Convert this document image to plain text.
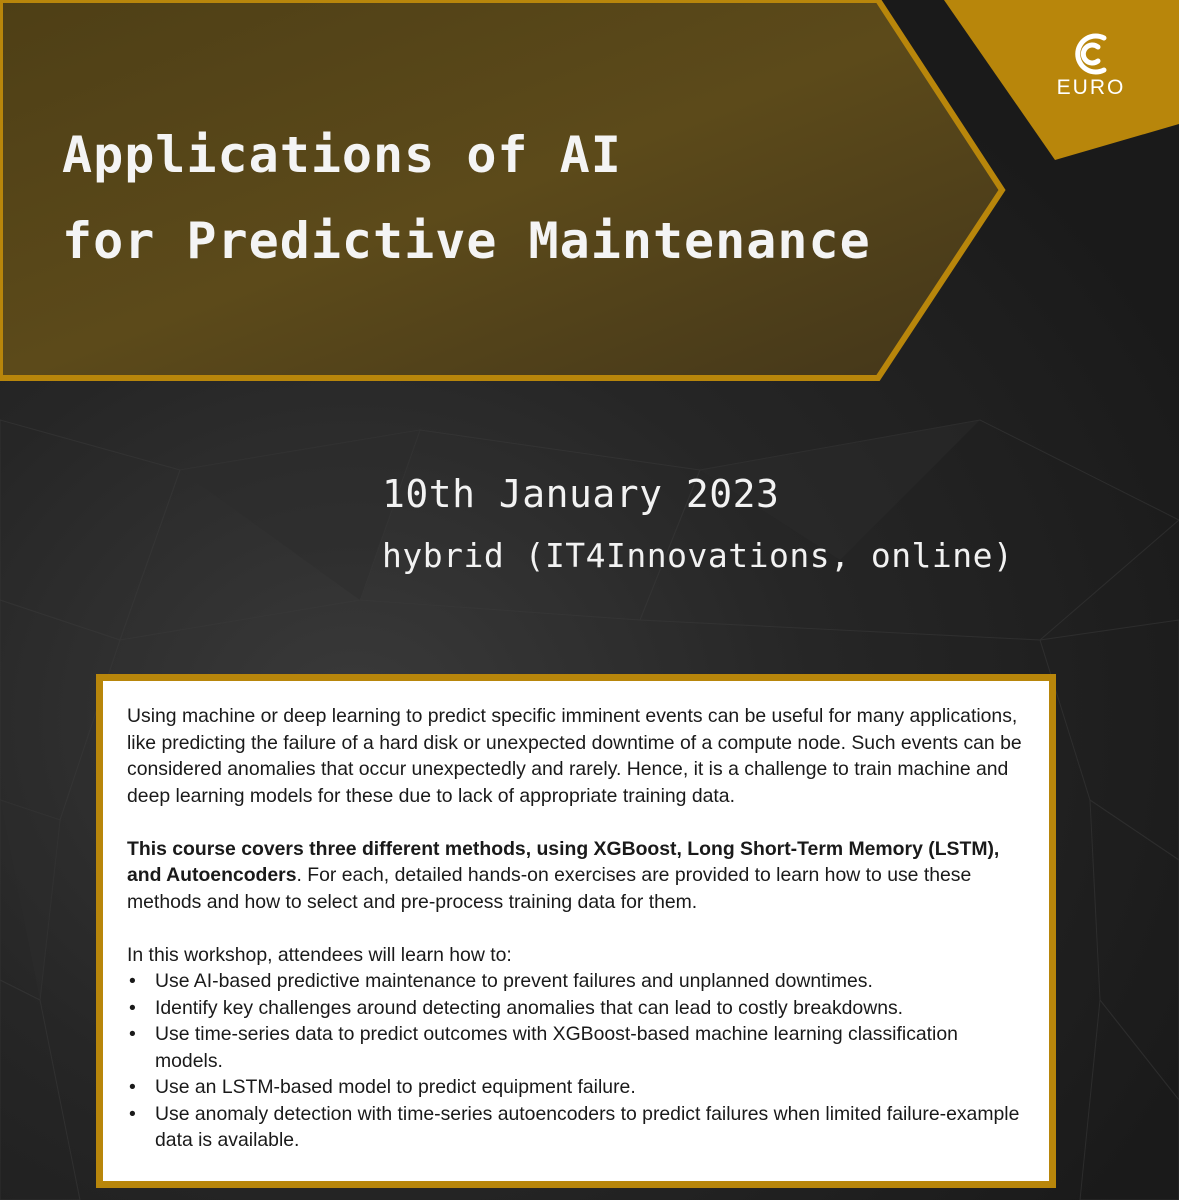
EURO
Applications of AI
for Predictive Maintenance
10th January 2023
hybrid (IT4Innovations, online)

Using machine or deep learning to predict specific imminent events can be useful for many applications, like predicting the failure of a hard disk or unexpected downtime of a compute node. Such events can be considered anomalies that occur unexpectedly and rarely. Hence, it is a challenge to train machine and deep learning models for these due to lack of appropriate training data.

This course covers three different methods, using XGBoost, Long Short-Term Memory (LSTM), and Autoencoders. For each, detailed hands-on exercises are provided to learn how to use these methods and how to select and pre-process training data for them.

In this workshop, attendees will learn how to:

• Use AI-based predictive maintenance to prevent failures and unplanned downtimes.
• Identify key challenges around detecting anomalies that can lead to costly breakdowns.
• Use time-series data to predict outcomes with XGBoost-based machine learning classification models.
• Use an LSTM-based model to predict equipment failure.
• Use anomaly detection with time-series autoencoders to predict failures when limited failure-example data is available.
